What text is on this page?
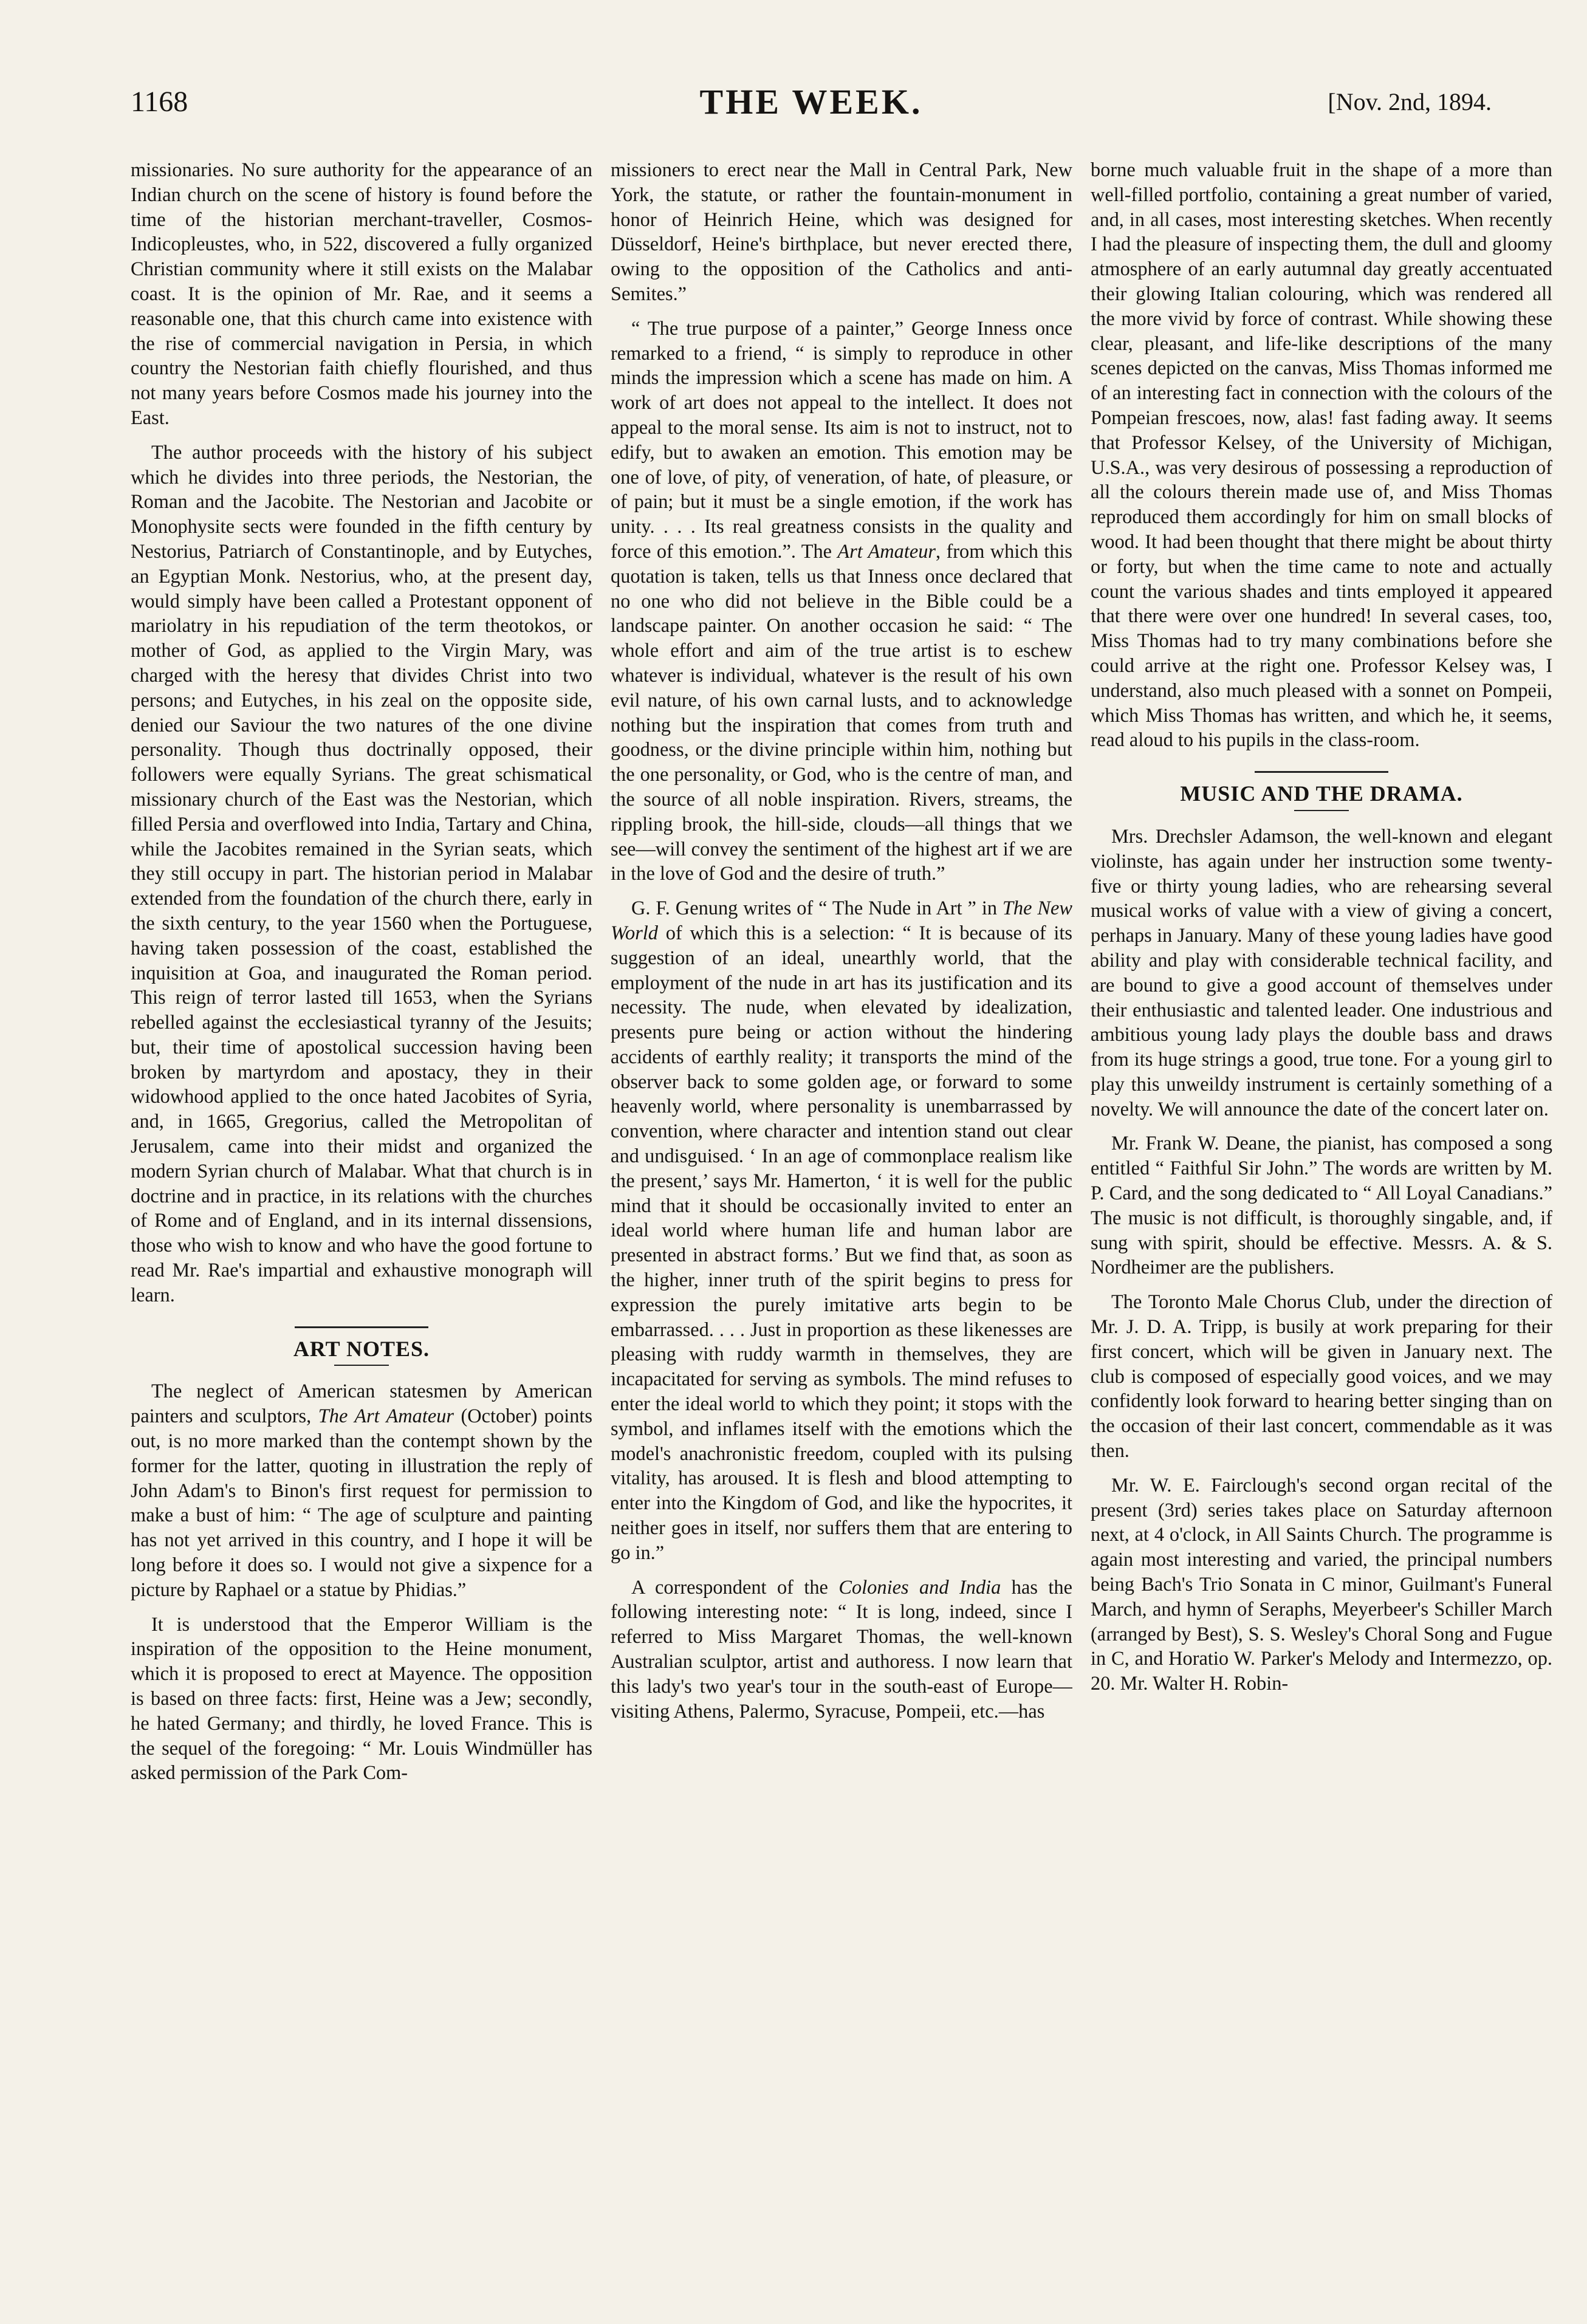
1168	THE WEEK.	[Nov. 2nd, 1894.

missionaries. No sure authority for the appearance of an Indian church on the scene of history is found before the time of the historian merchant-traveller, Cosmos-Indicopleustes, who, in 522, discovered a fully organized Christian community where it still exists on the Malabar coast. It is the opinion of Mr. Rae, and it seems a reasonable one, that this church came into existence with the rise of commercial navigation in Persia, in which country the Nestorian faith chiefly flourished, and thus not many years before Cosmos made his journey into the East.

The author proceeds with the history of his subject which he divides into three periods, the Nestorian, the Roman and the Jacobite. The Nestorian and Jacobite or Monophysite sects were founded in the fifth century by Nestorius, Patriarch of Constantinople, and by Eutyches, an Egyptian Monk. Nestorius, who, at the present day, would simply have been called a Protestant opponent of mariolatry in his repudiation of the term theotokos, or mother of God, as applied to the Virgin Mary, was charged with the heresy that divides Christ into two persons; and Eutyches, in his zeal on the opposite side, denied our Saviour the two natures of the one divine personality. Though thus doctrinally opposed, their followers were equally Syrians. The great schismatical missionary church of the East was the Nestorian, which filled Persia and overflowed into India, Tartary and China, while the Jacobites remained in the Syrian seats, which they still occupy in part. The historian period in Malabar extended from the foundation of the church there, early in the sixth century, to the year 1560 when the Portuguese, having taken possession of the coast, established the inquisition at Goa, and inaugurated the Roman period. This reign of terror lasted till 1653, when the Syrians rebelled against the ecclesiastical tyranny of the Jesuits; but, their time of apostolical succession having been broken by martyrdom and apostacy, they in their widowhood applied to the once hated Jacobites of Syria, and, in 1665, Gregorius, called the Metropolitan of Jerusalem, came into their midst and organized the modern Syrian church of Malabar. What that church is in doctrine and in practice, in its relations with the churches of Rome and of England, and in its internal dissensions, those who wish to know and who have the good fortune to read Mr. Rae's impartial and exhaustive monograph will learn.

ART NOTES.

The neglect of American statesmen by American painters and sculptors, The Art Amateur (October) points out, is no more marked than the contempt shown by the former for the latter, quoting in illustration the reply of John Adam's to Binon's first request for permission to make a bust of him: “ The age of sculpture and painting has not yet arrived in this country, and I hope it will be long before it does so. I would not give a sixpence for a picture by Raphael or a statue by Phidias.”

It is understood that the Emperor William is the inspiration of the opposition to the Heine monument, which it is proposed to erect at Mayence. The opposition is based on three facts: first, Heine was a Jew; secondly, he hated Germany; and thirdly, he loved France. This is the sequel of the foregoing: “ Mr. Louis Windmüller has asked permission of the Park Com-

missioners to erect near the Mall in Central Park, New York, the statute, or rather the fountain-monument in honor of Heinrich Heine, which was designed for Düsseldorf, Heine's birthplace, but never erected there, owing to the opposition of the Catholics and anti-Semites.”

“ The true purpose of a painter,” George Inness once remarked to a friend, “ is simply to reproduce in other minds the impression which a scene has made on him. A work of art does not appeal to the intellect. It does not appeal to the moral sense. Its aim is not to instruct, not to edify, but to awaken an emotion. This emotion may be one of love, of pity, of veneration, of hate, of pleasure, or of pain; but it must be a single emotion, if the work has unity. . . . Its real greatness consists in the quality and force of this emotion.”. The Art Amateur, from which this quotation is taken, tells us that Inness once declared that no one who did not believe in the Bible could be a landscape painter. On another occasion he said: “ The whole effort and aim of the true artist is to eschew whatever is individual, whatever is the result of his own evil nature, of his own carnal lusts, and to acknowledge nothing but the inspiration that comes from truth and goodness, or the divine principle within him, nothing but the one personality, or God, who is the centre of man, and the source of all noble inspiration. Rivers, streams, the rippling brook, the hill-side, clouds—all things that we see—will convey the sentiment of the highest art if we are in the love of God and the desire of truth.”

G. F. Genung writes of “ The Nude in Art ” in The New World of which this is a selection: “ It is because of its suggestion of an ideal, unearthly world, that the employment of the nude in art has its justification and its necessity. The nude, when elevated by idealization, presents pure being or action without the hindering accidents of earthly reality; it transports the mind of the observer back to some golden age, or forward to some heavenly world, where personality is unembarrassed by convention, where character and intention stand out clear and undisguised. ‘ In an age of commonplace realism like the present,’ says Mr. Hamerton, ‘ it is well for the public mind that it should be occasionally invited to enter an ideal world where human life and human labor are presented in abstract forms.’ But we find that, as soon as the higher, inner truth of the spirit begins to press for expression the purely imitative arts begin to be embarrassed. . . . Just in proportion as these likenesses are pleasing with ruddy warmth in themselves, they are incapacitated for serving as symbols. The mind refuses to enter the ideal world to which they point; it stops with the symbol, and inflames itself with the emotions which the model's anachronistic freedom, coupled with its pulsing vitality, has aroused. It is flesh and blood attempting to enter into the Kingdom of God, and like the hypocrites, it neither goes in itself, nor suffers them that are entering to go in.”

A correspondent of the Colonies and India has the following interesting note: “ It is long, indeed, since I referred to Miss Margaret Thomas, the well-known Australian sculptor, artist and authoress. I now learn that this lady's two year's tour in the south-east of Europe—visiting Athens, Palermo, Syracuse, Pompeii, etc.—has

borne much valuable fruit in the shape of a more than well-filled portfolio, containing a great number of varied, and, in all cases, most interesting sketches. When recently I had the pleasure of inspecting them, the dull and gloomy atmosphere of an early autumnal day greatly accentuated their glowing Italian colouring, which was rendered all the more vivid by force of contrast. While showing these clear, pleasant, and life-like descriptions of the many scenes depicted on the canvas, Miss Thomas informed me of an interesting fact in connection with the colours of the Pompeian frescoes, now, alas! fast fading away. It seems that Professor Kelsey, of the University of Michigan, U.S.A., was very desirous of possessing a reproduction of all the colours therein made use of, and Miss Thomas reproduced them accordingly for him on small blocks of wood. It had been thought that there might be about thirty or forty, but when the time came to note and actually count the various shades and tints employed it appeared that there were over one hundred! In several cases, too, Miss Thomas had to try many combinations before she could arrive at the right one. Professor Kelsey was, I understand, also much pleased with a sonnet on Pompeii, which Miss Thomas has written, and which he, it seems, read aloud to his pupils in the class-room.

MUSIC AND THE DRAMA.

Mrs. Drechsler Adamson, the well-known and elegant violinste, has again under her instruction some twenty-five or thirty young ladies, who are rehearsing several musical works of value with a view of giving a concert, perhaps in January. Many of these young ladies have good ability and play with considerable technical facility, and are bound to give a good account of themselves under their enthusiastic and talented leader. One industrious and ambitious young lady plays the double bass and draws from its huge strings a good, true tone. For a young girl to play this unweildy instrument is certainly something of a novelty. We will announce the date of the concert later on.

Mr. Frank W. Deane, the pianist, has composed a song entitled “ Faithful Sir John.” The words are written by M. P. Card, and the song dedicated to “ All Loyal Canadians.” The music is not difficult, is thoroughly singable, and, if sung with spirit, should be effective. Messrs. A. & S. Nordheimer are the publishers.

The Toronto Male Chorus Club, under the direction of Mr. J. D. A. Tripp, is busily at work preparing for their first concert, which will be given in January next. The club is composed of especially good voices, and we may confidently look forward to hearing better singing than on the occasion of their last concert, commendable as it was then.

Mr. W. E. Fairclough's second organ recital of the present (3rd) series takes place on Saturday afternoon next, at 4 o'clock, in All Saints Church. The programme is again most interesting and varied, the principal numbers being Bach's Trio Sonata in C minor, Guilmant's Funeral March, and hymn of Seraphs, Meyerbeer's Schiller March (arranged by Best), S. S. Wesley's Choral Song and Fugue in C, and Horatio W. Parker's Melody and Intermezzo, op. 20. Mr. Walter H. Robin-
